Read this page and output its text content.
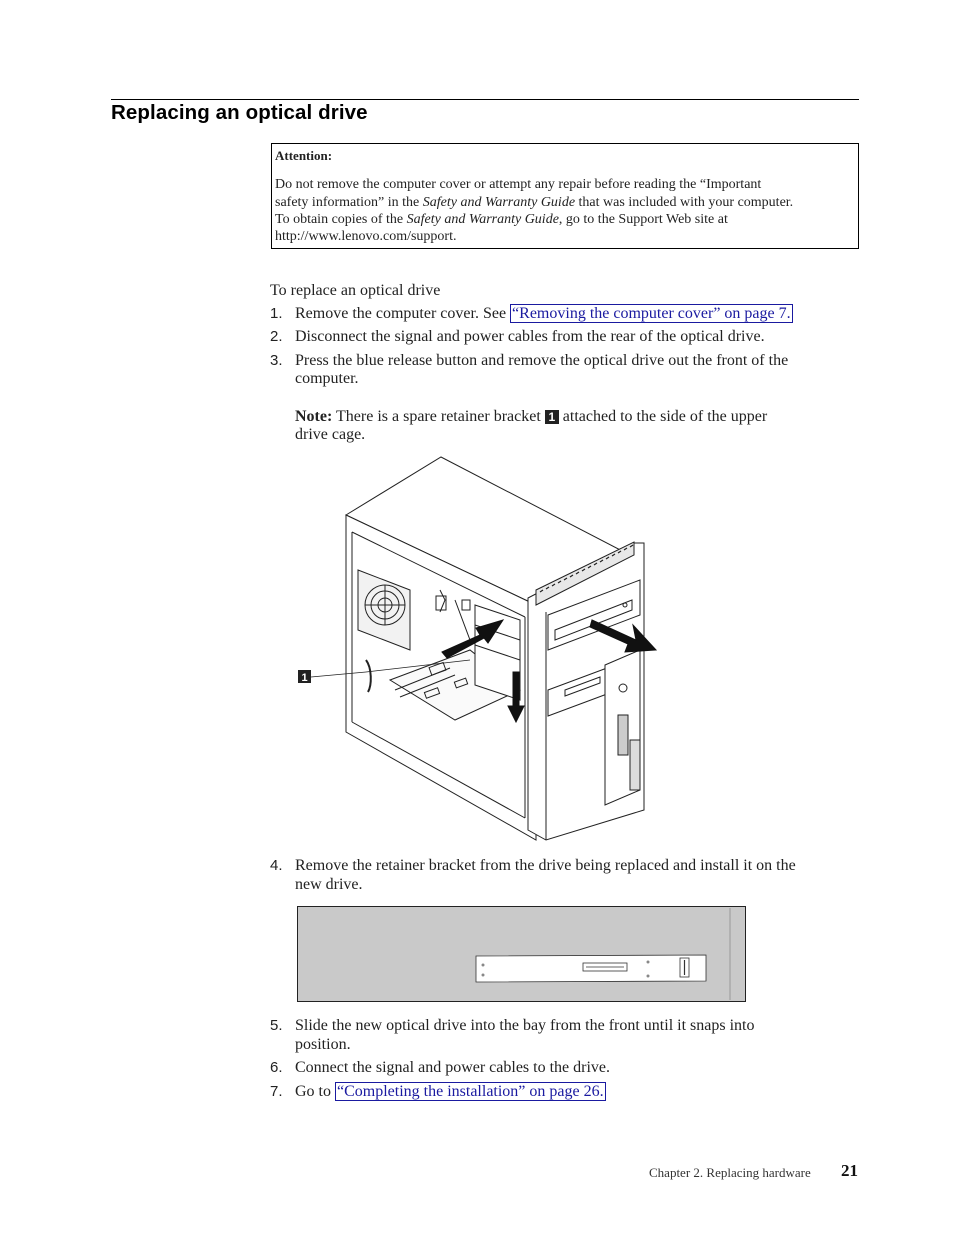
Replacing an optical drive
Attention:
Do not remove the computer cover or attempt any repair before reading the “Important
safety information” in the Safety and Warranty Guide that was included with your computer.
To obtain copies of the Safety and Warranty Guide, go to the Support Web site at
http://www.lenovo.com/support.
To replace an optical drive
1. Remove the computer cover. See “Removing the computer cover” on page 7.
2. Disconnect the signal and power cables from the rear of the optical drive.
3. Press the blue release button and remove the optical drive out the front of the
computer.
Note: There is a spare retainer bracket 1 attached to the side of the upper
drive cage.
1
4. Remove the retainer bracket from the drive being replaced and install it on the
new drive.
5. Slide the new optical drive into the bay from the front until it snaps into
position.
6. Connect the signal and power cables to the drive.
7. Go to “Completing the installation” on page 26.
Chapter 2. Replacing hardware 21
